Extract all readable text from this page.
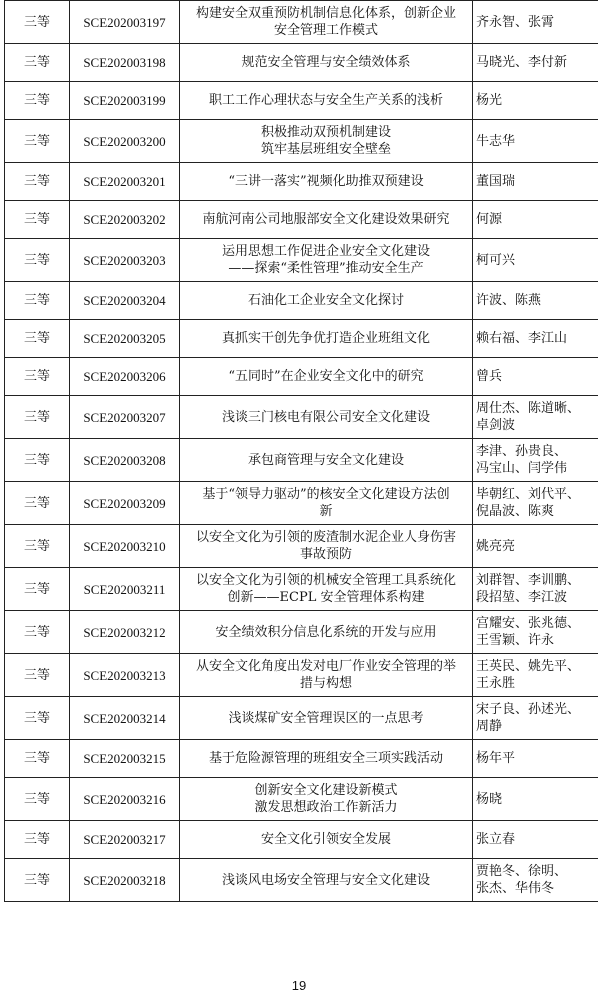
三等	SCE202003197	构建安全双重预防机制信息化体系，创新企业
安全管理工作模式	齐永智、张霄

三等	SCE202003198	规范安全管理与安全绩效体系	马晓光、李付新

三等	SCE202003199	职工工作心理状态与安全生产关系的浅析	杨光

三等	SCE202003200	积极推动双预机制建设
筑牢基层班组安全壁垒	牛志华

三等	SCE202003201	“三讲一落实”视频化助推双预建设	董国瑞

三等	SCE202003202	南航河南公司地服部安全文化建设效果研究	何源

三等	SCE202003203	运用思想工作促进企业安全文化建设
——探索“柔性管理”推动安全生产	柯可兴

三等	SCE202003204	石油化工企业安全文化探讨	许波、陈燕

三等	SCE202003205	真抓实干创先争优打造企业班组文化	赖右福、李江山

三等	SCE202003206	“五同时”在企业安全文化中的研究	曾兵

三等	SCE202003207	浅谈三门核电有限公司安全文化建设	周仕杰、陈道晰、
卓剑波

三等	SCE202003208	承包商管理与安全文化建设	李津、孙贵良、
冯宝山、闫学伟

三等	SCE202003209	基于“领导力驱动”的核安全文化建设方法创
新	毕朝红、刘代平、
倪晶波、陈爽

三等	SCE202003210	以安全文化为引领的废渣制水泥企业人身伤害
事故预防	姚亮亮

三等	SCE202003211	以安全文化为引领的机械安全管理工具系统化
创新——ECPL 安全管理体系构建	刘群智、李训鹏、
段招堃、李江波

三等	SCE202003212	安全绩效积分信息化系统的开发与应用	宫耀安、张兆德、
王雪颖、许永

三等	SCE202003213	从安全文化角度出发对电厂作业安全管理的举
措与构想	王英民、姚先平、
王永胜

三等	SCE202003214	浅谈煤矿安全管理误区的一点思考	宋子良、孙述光、
周静

三等	SCE202003215	基于危险源管理的班组安全三项实践活动	杨年平

三等	SCE202003216	创新安全文化建设新模式
激发思想政治工作新活力	杨晓

三等	SCE202003217	安全文化引领安全发展	张立春

三等	SCE202003218	浅谈风电场安全管理与安全文化建设	贾艳冬、徐明、
张杰、华伟冬
19
